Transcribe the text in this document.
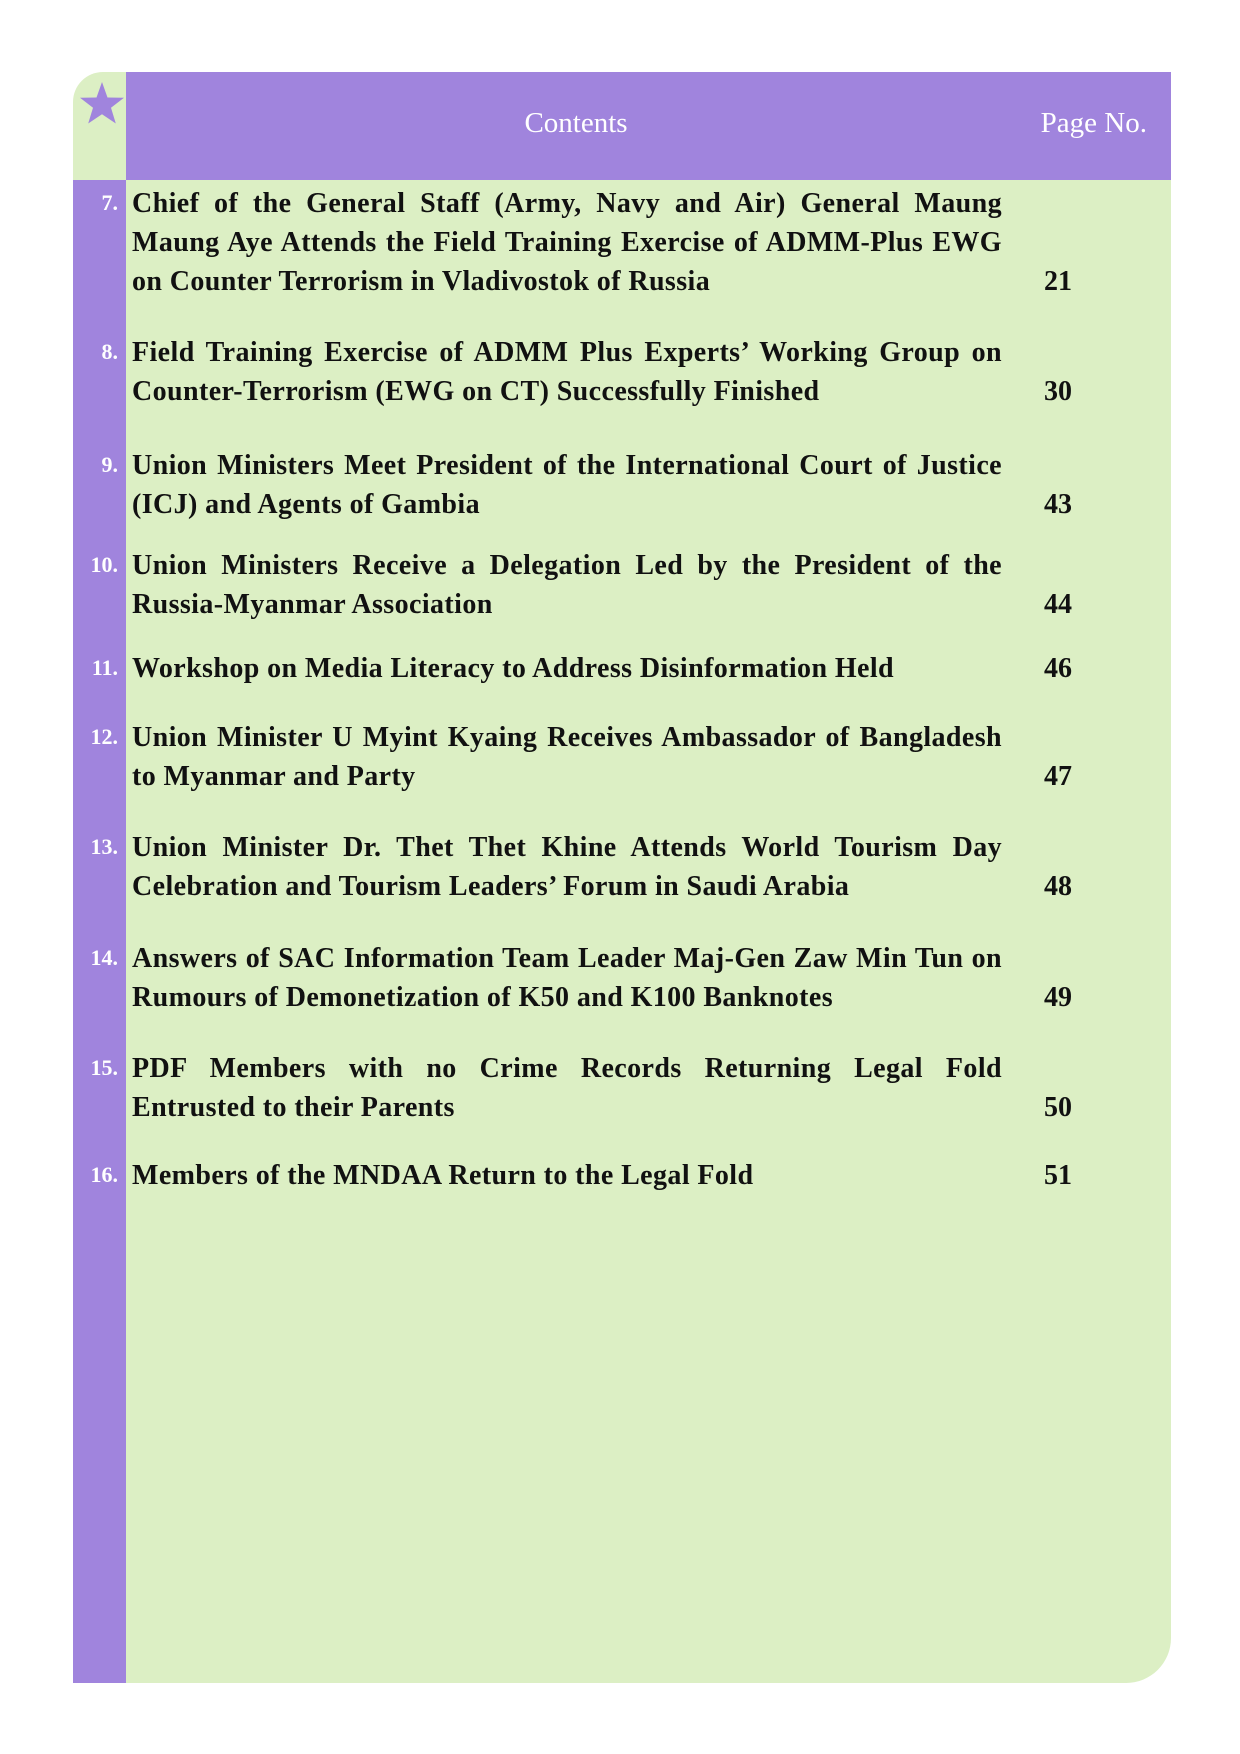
Contents	Page No.
7. Chief of the General Staff (Army, Navy and Air) General Maung Maung Aye Attends the Field Training Exercise of ADMM-Plus EWG on Counter Terrorism in Vladivostok of Russia	21
8. Field Training Exercise of ADMM Plus Experts’ Working Group on Counter-Terrorism (EWG on CT) Successfully Finished	30
9. Union Ministers Meet President of the International Court of Justice (ICJ) and Agents of Gambia	43
10. Union Ministers Receive a Delegation Led by the President of the Russia-Myanmar Association	44
11. Workshop on Media Literacy to Address Disinformation Held	46
12. Union Minister U Myint Kyaing Receives Ambassador of Bangladesh to Myanmar and Party	47
13. Union Minister Dr. Thet Thet Khine Attends World Tourism Day Celebration and Tourism Leaders’ Forum in Saudi Arabia	48
14. Answers of SAC Information Team Leader Maj-Gen Zaw Min Tun on Rumours of Demonetization of K50 and K100 Banknotes	49
15. PDF Members with no Crime Records Returning Legal Fold Entrusted to their Parents	50
16. Members of the MNDAA Return to the Legal Fold	51
